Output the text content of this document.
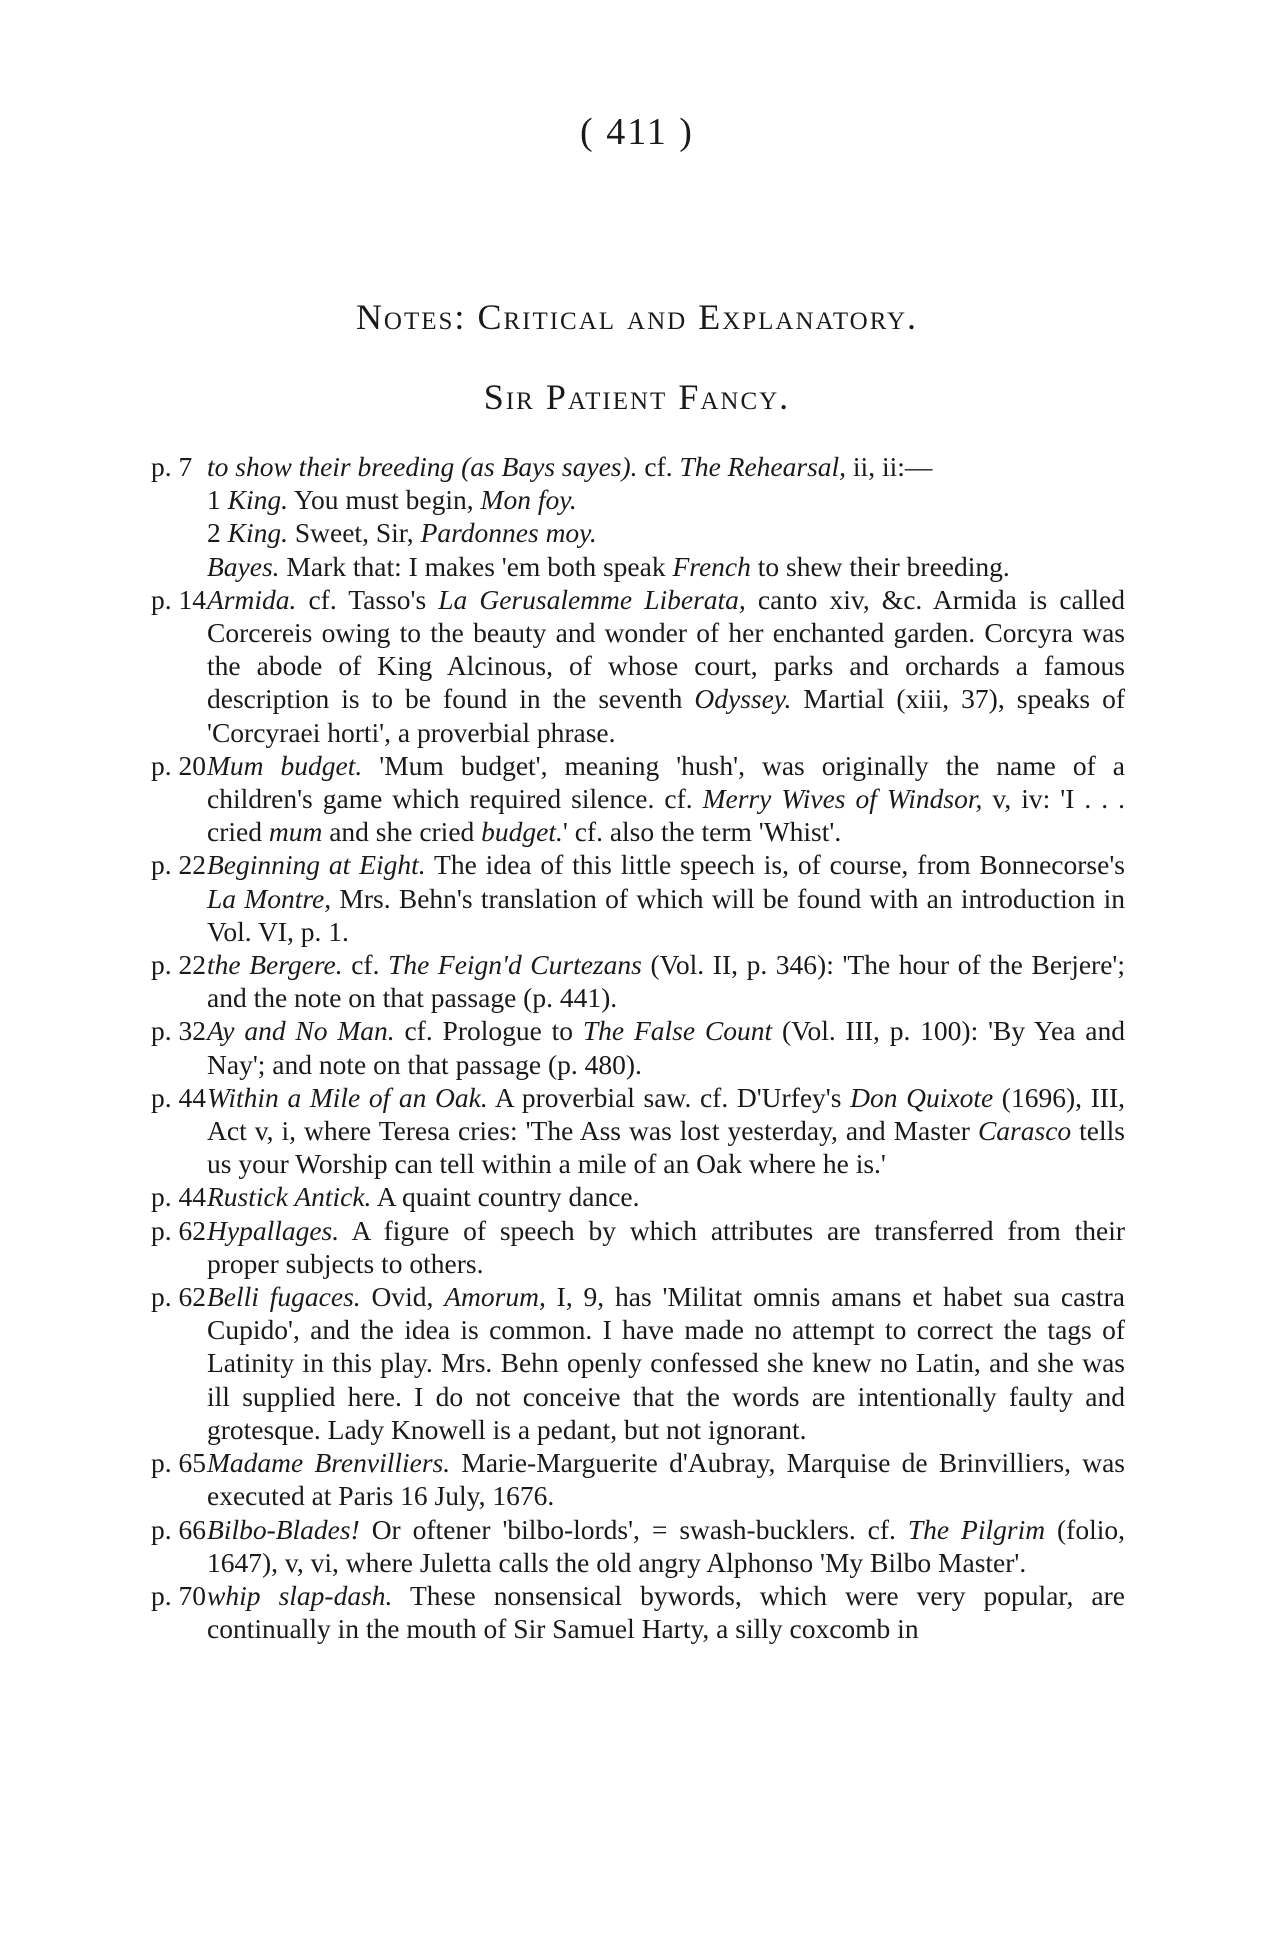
( 411 )
Notes: Critical and Explanatory.
Sir Patient Fancy.
p. 7 to show their breeding (as Bays sayes). cf. The Rehearsal, ii, ii:—
1 King. You must begin, Mon foy.
2 King. Sweet, Sir, Pardonnes moy.
Bayes. Mark that: I makes 'em both speak French to shew their breeding.
p. 14 Armida. cf. Tasso's La Gerusalemme Liberata, canto xiv, &c. Armida is called Corcereis owing to the beauty and wonder of her enchanted garden. Corcyra was the abode of King Alcinous, of whose court, parks and orchards a famous description is to be found in the seventh Odyssey. Martial (xiii, 37), speaks of 'Corcyraei horti', a proverbial phrase.
p. 20 Mum budget. 'Mum budget', meaning 'hush', was originally the name of a children's game which required silence. cf. Merry Wives of Windsor, v, iv: 'I . . . cried mum and she cried budget.' cf. also the term 'Whist'.
p. 22 Beginning at Eight. The idea of this little speech is, of course, from Bonnecorse's La Montre, Mrs. Behn's translation of which will be found with an introduction in Vol. VI, p. 1.
p. 22 the Bergere. cf. The Feign'd Curtezans (Vol. II, p. 346): 'The hour of the Berjere'; and the note on that passage (p. 441).
p. 32 Ay and No Man. cf. Prologue to The False Count (Vol. III, p. 100): 'By Yea and Nay'; and note on that passage (p. 480).
p. 44 Within a Mile of an Oak. A proverbial saw. cf. D'Urfey's Don Quixote (1696), III, Act v, i, where Teresa cries: 'The Ass was lost yesterday, and Master Carasco tells us your Worship can tell within a mile of an Oak where he is.'
p. 44 Rustick Antick. A quaint country dance.
p. 62 Hypallages. A figure of speech by which attributes are transferred from their proper subjects to others.
p. 62 Belli fugaces. Ovid, Amorum, I, 9, has 'Militat omnis amans et habet sua castra Cupido', and the idea is common. I have made no attempt to correct the tags of Latinity in this play. Mrs. Behn openly confessed she knew no Latin, and she was ill supplied here. I do not conceive that the words are intentionally faulty and grotesque. Lady Knowell is a pedant, but not ignorant.
p. 65 Madame Brenvilliers. Marie-Marguerite d'Aubray, Marquise de Brinvilliers, was executed at Paris 16 July, 1676.
p. 66 Bilbo-Blades! Or oftener 'bilbo-lords', = swash-bucklers. cf. The Pilgrim (folio, 1647), v, vi, where Juletta calls the old angry Alphonso 'My Bilbo Master'.
p. 70 whip slap-dash. These nonsensical bywords, which were very popular, are continually in the mouth of Sir Samuel Harty, a silly coxcomb in
